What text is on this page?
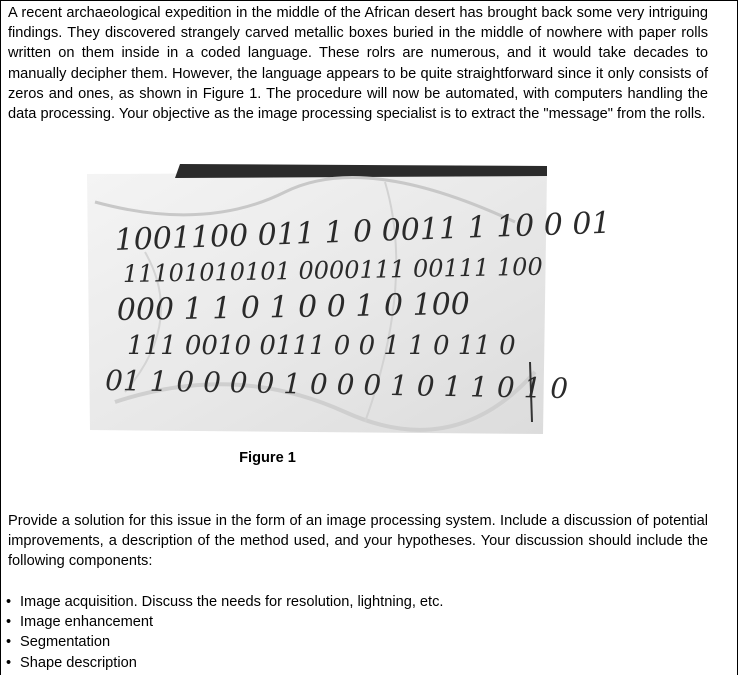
A recent archaeological expedition in the middle of the African desert has brought back some very intriguing findings. They discovered strangely carved metallic boxes buried in the middle of nowhere with paper rolls written on them inside in a coded language. These rolrs are numerous, and it would take decades to manually decipher them. However, the language appears to be quite straightforward since it only consists of zeros and ones, as shown in Figure 1. The procedure will now be automated, with computers handling the data processing. Your objective as the image processing specialist is to extract the "message" from the rolls.

1001100 011 1 0 0011 1 10 0 01
11101010101 0000111 00111 100
000 1 1 0 1 0 0 1 0 100
111 0010 0111 0 0 1 1 0 11 0
01 1 0 0 0 0 1 0 0 0 1 0 1 1 0 1 0
Figure 1

Provide a solution for this issue in the form of an image processing system. Include a discussion of potential improvements, a description of the method used, and your hypotheses. Your discussion should include the following components:

• Image acquisition. Discuss the needs for resolution, lightning, etc.
• Image enhancement
• Segmentation
• Shape description
